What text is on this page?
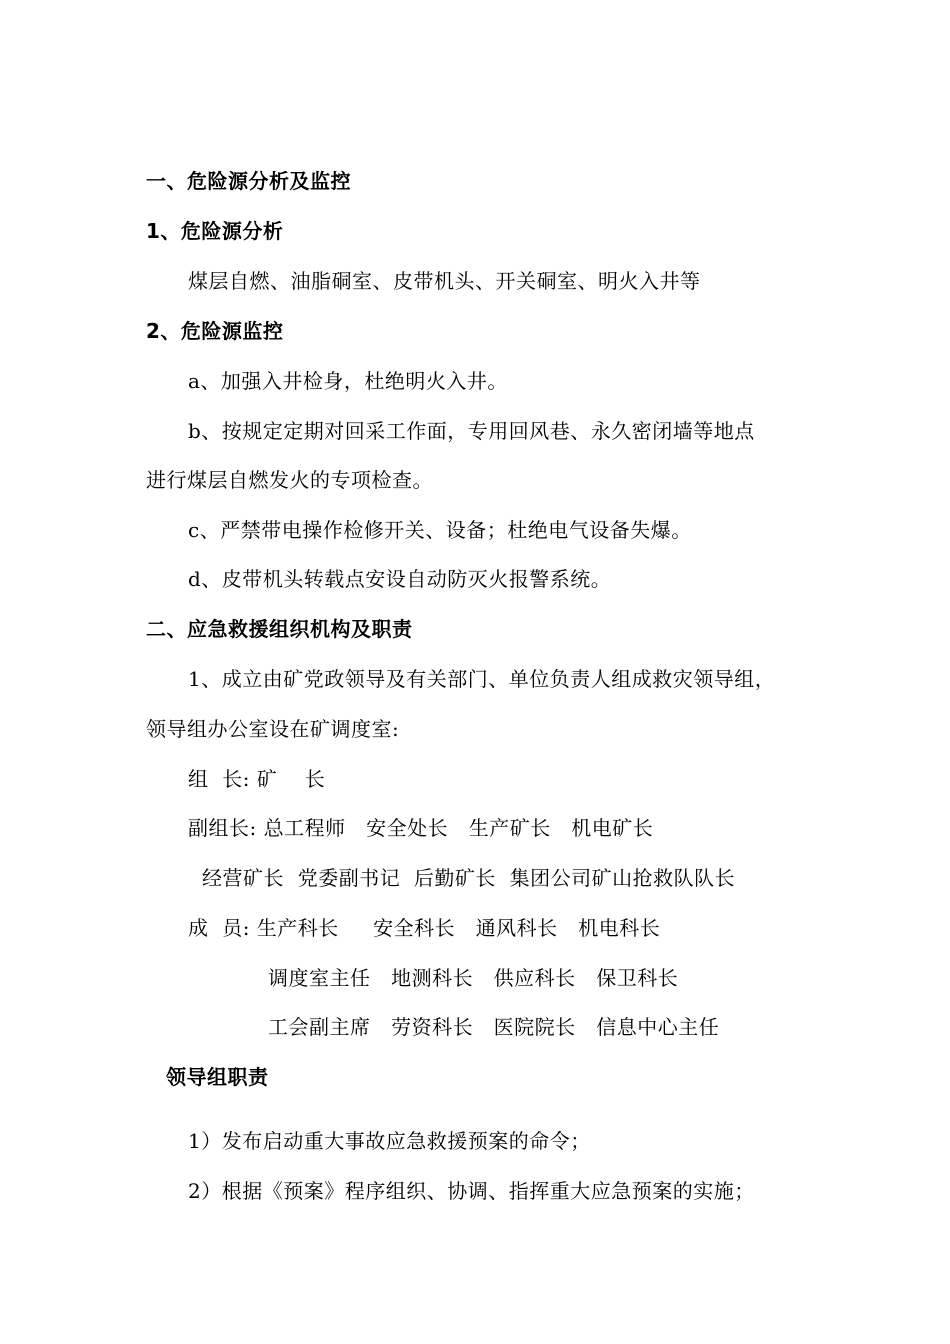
一、危险源分析及监控
1、危险源分析
煤层自燃、油脂硐室、皮带机头、开关硐室、明火入井等
2、危险源监控
a、加强入井检身，杜绝明火入井。
b、按规定定期对回采工作面，专用回风巷、永久密闭墙等地点
进行煤层自燃发火的专项检查。
c、严禁带电操作检修开关、设备；杜绝电气设备失爆。
d、皮带机头转载点安设自动防灭火报警系统。
二、应急救援组织机构及职责
1、成立由矿党政领导及有关部门、单位负责人组成救灾领导组，
领导组办公室设在矿调度室:
组  长: 矿    长
副组长: 总工程师   安全处长   生产矿长   机电矿长
经营矿长  党委副书记  后勤矿长  集团公司矿山抢救队队长
成  员: 生产科长     安全科长   通风科长   机电科长
调度室主任   地测科长   供应科长   保卫科长
工会副主席   劳资科长   医院院长   信息中心主任
领导组职责
1）发布启动重大事故应急救援预案的命令；
2）根据《预案》程序组织、协调、指挥重大应急预案的实施；
